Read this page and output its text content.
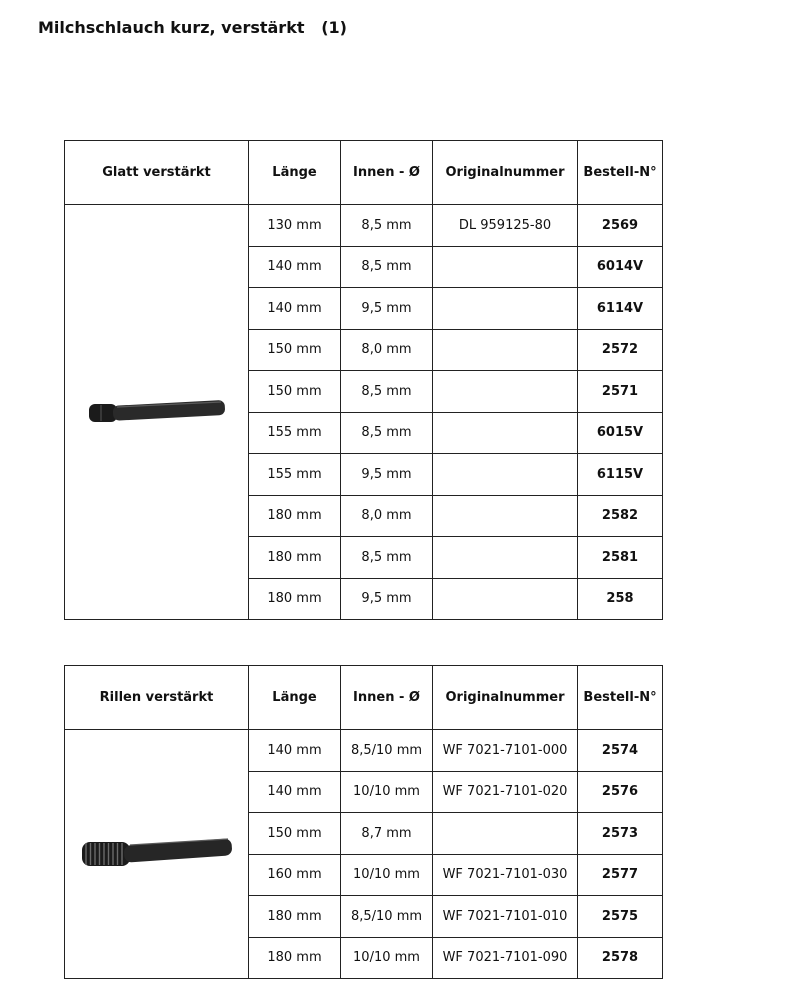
Milchschlauch kurz, verstärkt   (1)
Glatt verstärkt	Länge	Innen - Ø	Originalnummer	Bestell-N°

	130 mm	8,5 mm	DL 959125-80	2569
	140 mm	8,5 mm		6014V
	140 mm	9,5 mm		6114V
	150 mm	8,0 mm		2572
	150 mm	8,5 mm		2571
	155 mm	8,5 mm		6015V
	155 mm	9,5 mm		6115V
	180 mm	8,0 mm		2582
	180 mm	8,5 mm		2581
	180 mm	9,5 mm		258
Rillen verstärkt	Länge	Innen - Ø	Originalnummer	Bestell-N°

	140 mm	8,5/10 mm	WF 7021-7101-000	2574
	140 mm	10/10 mm	WF 7021-7101-020	2576
	150 mm	8,7 mm		2573
	160 mm	10/10 mm	WF 7021-7101-030	2577
	180 mm	8,5/10 mm	WF 7021-7101-010	2575
	180 mm	10/10 mm	WF 7021-7101-090	2578
